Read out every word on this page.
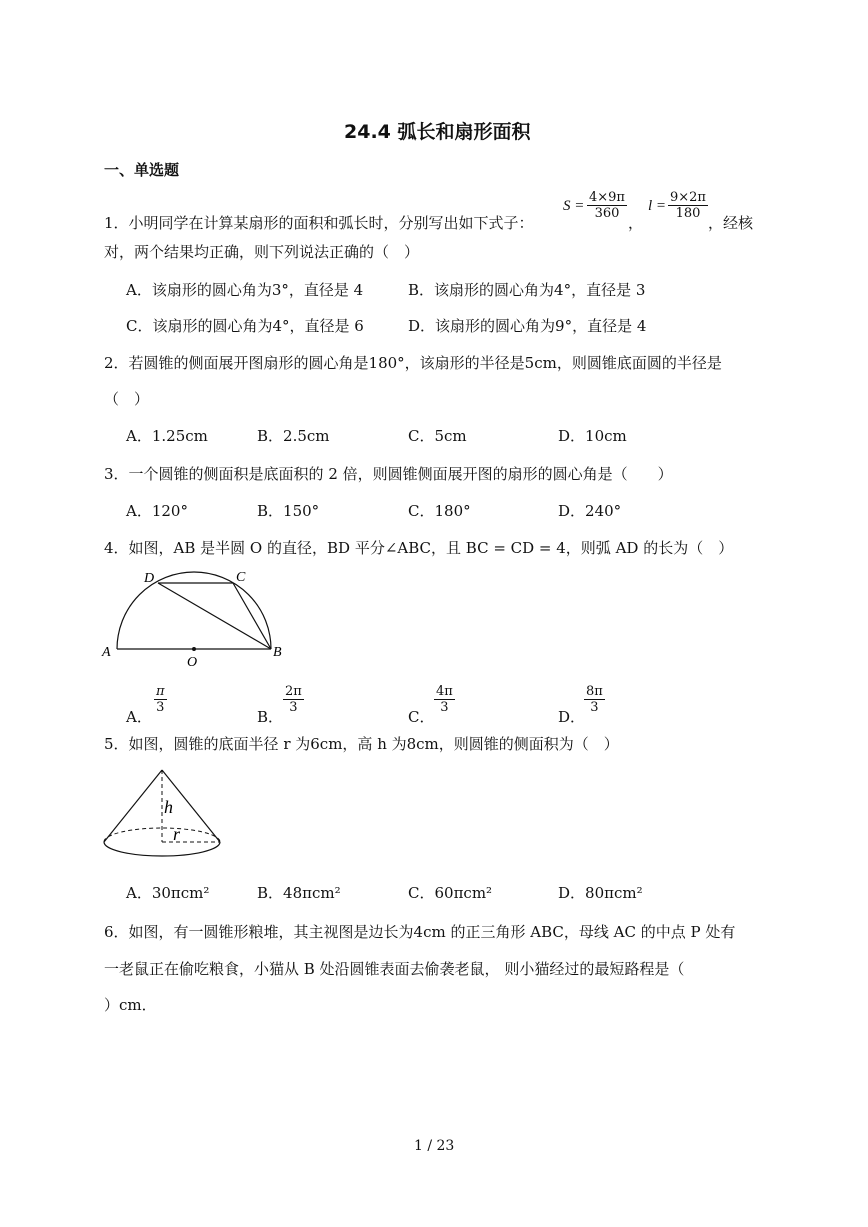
24.4 弧长和扇形面积
一、单选题
1．小明同学在计算某扇形的面积和弧长时，分别写出如下式子：
$S = \frac{4\times 9\pi}{360}$
，
$l = \frac{9\times 2\pi}{180}$
，经核
对，两个结果均正确，则下列说法正确的（　）
A．该扇形的圆心角为3°，直径是 4	B．该扇形的圆心角为4°，直径是 3
C．该扇形的圆心角为4°，直径是 6	D．该扇形的圆心角为9°，直径是 4
2．若圆锥的侧面展开图扇形的圆心角是180°，该扇形的半径是5cm，则圆锥底面圆的半径是
（　）
A．1.25cm	B．2.5cm	C．5cm	D．10cm
3．一个圆锥的侧面积是底面积的 2 倍，则圆锥侧面展开图的扇形的圆心角是（　　）
A．120°	B．150°	C．180°	D．240°
4．如图，AB 是半圆 O 的直径，BD 平分∠ABC，且 BC = CD = 4，则弧 AD 的长为（　）
D	C
A
O
B
A．
$\frac{\pi}{3}$
B．
$\frac{2\pi}{3}$
C．
$\frac{4\pi}{3}$
D．
$\frac{8\pi}{3}$
5．如图，圆锥的底面半径 r 为6cm，高 h 为8cm，则圆锥的侧面积为（　）
h
r
A．30πcm²	B．48πcm²	C．60πcm²	D．80πcm²
6．如图，有一圆锥形粮堆，其主视图是边长为4cm 的正三角形 ABC，母线 AC 的中点 P 处有
一老鼠正在偷吃粮食，小猫从 B 处沿圆锥表面去偷袭老鼠， 则小猫经过的最短路程是（
）cm．
1 / 23
